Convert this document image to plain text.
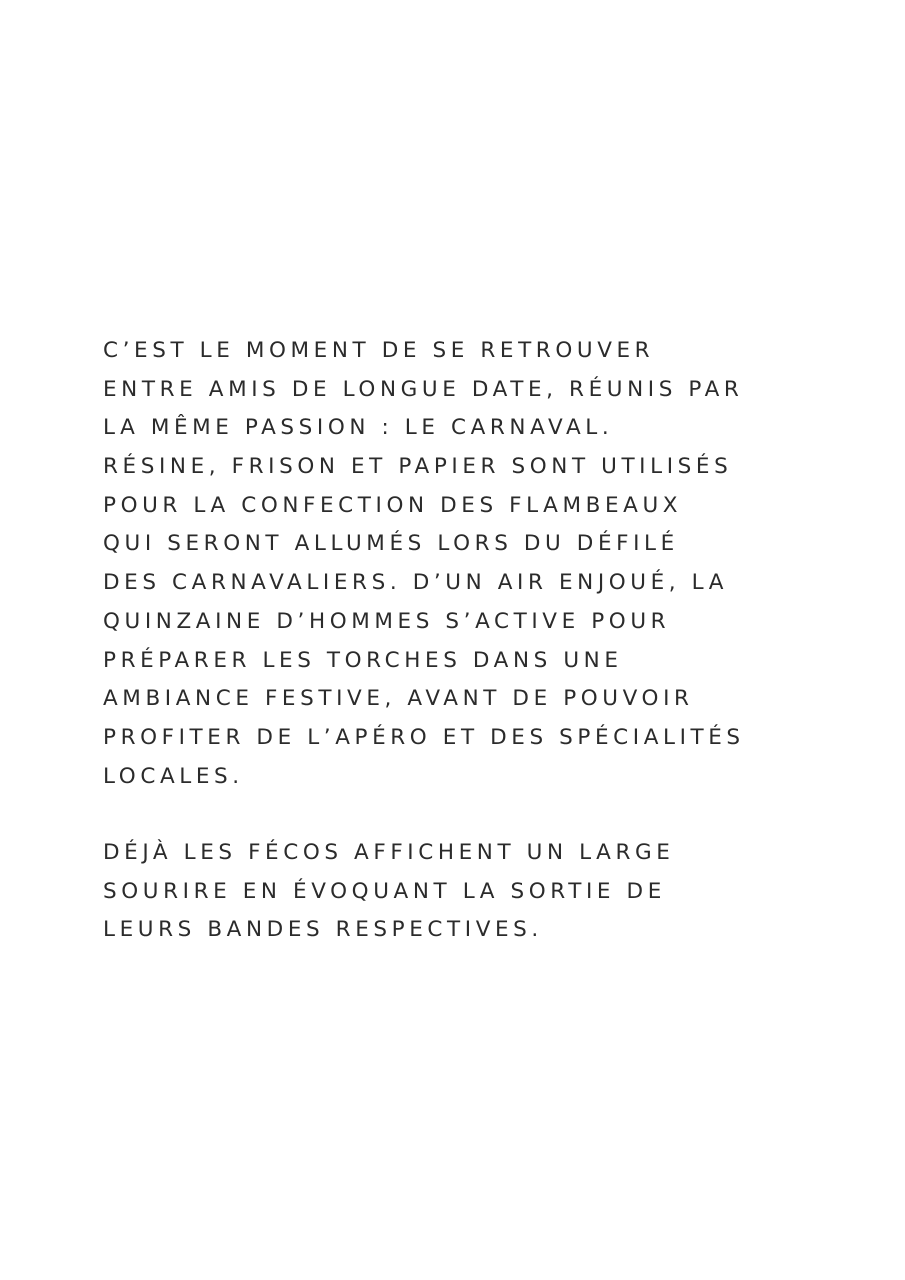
C’EST LE MOMENT DE SE RETROUVER
ENTRE AMIS DE LONGUE DATE, RÉUNIS PAR
LA MÊME PASSION : LE CARNAVAL.
RÉSINE, FRISON ET PAPIER SONT UTILISÉS
POUR LA CONFECTION DES FLAMBEAUX
QUI SERONT ALLUMÉS LORS DU DÉFILÉ
DES CARNAVALIERS. D’UN AIR ENJOUÉ, LA
QUINZAINE D’HOMMES S’ACTIVE POUR
PRÉPARER LES TORCHES DANS UNE
AMBIANCE FESTIVE, AVANT DE POUVOIR
PROFITER DE L’APÉRO ET DES SPÉCIALITÉS
LOCALES.

DÉJÀ LES FÉCOS AFFICHENT UN LARGE
SOURIRE EN ÉVOQUANT LA SORTIE DE
LEURS BANDES RESPECTIVES.
